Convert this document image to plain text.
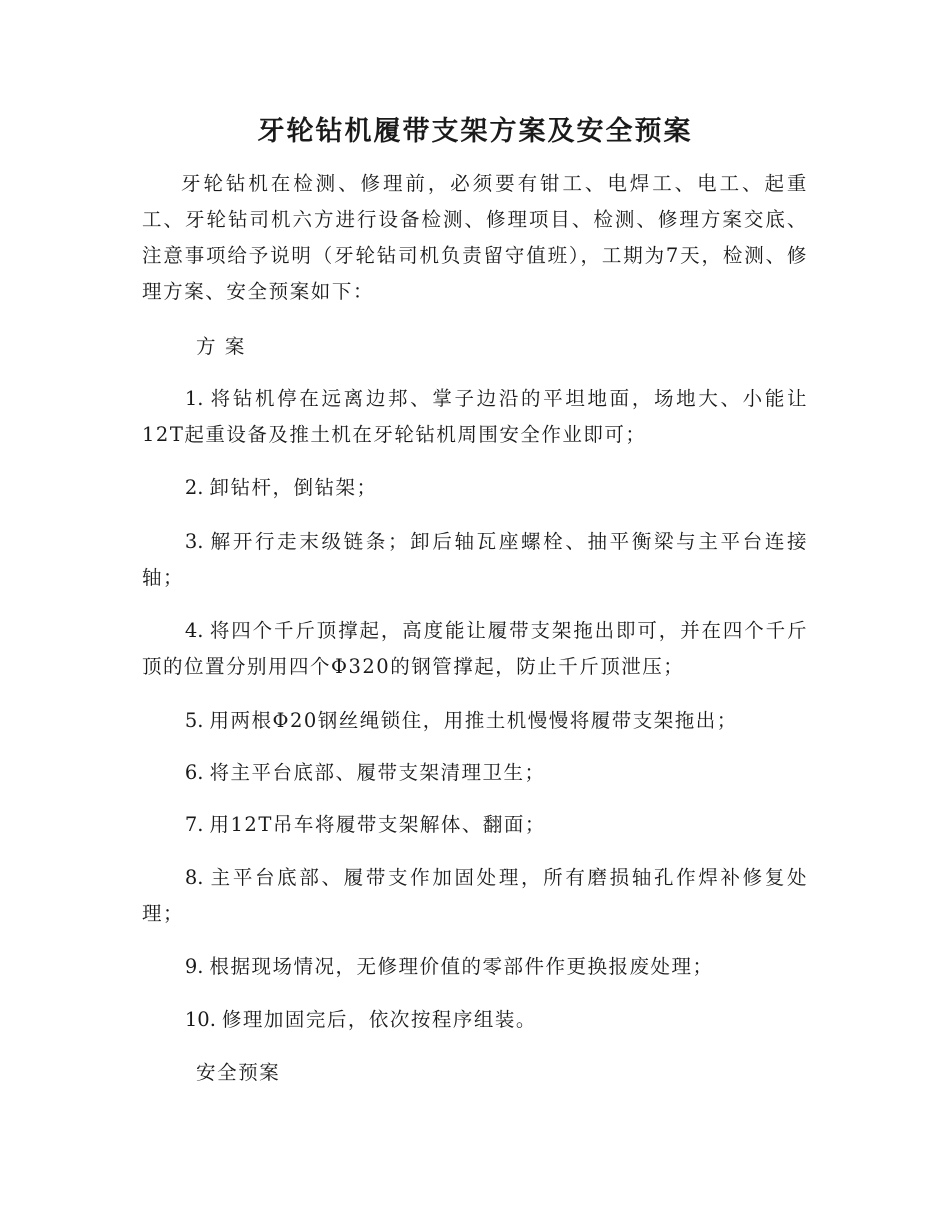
牙轮钻机履带支架方案及安全预案

牙轮钻机在检测、修理前，必须要有钳工、电焊工、电工、起重工、牙轮钻司机六方进行设备检测、修理项目、检测、修理方案交底、注意事项给予说明（牙轮钻司机负责留守值班），工期为7天，检测、修理方案、安全预案如下：

方 案

1. 将钻机停在远离边邦、掌子边沿的平坦地面，场地大、小能让12T起重设备及推土机在牙轮钻机周围安全作业即可；

2. 卸钻杆，倒钻架；

3. 解开行走末级链条；卸后轴瓦座螺栓、抽平衡梁与主平台连接轴；

4. 将四个千斤顶撑起，高度能让履带支架拖出即可，并在四个千斤顶的位置分别用四个Φ320的钢管撑起，防止千斤顶泄压；

5. 用两根Φ20钢丝绳锁住，用推土机慢慢将履带支架拖出；

6. 将主平台底部、履带支架清理卫生；

7. 用12T吊车将履带支架解体、翻面；

8. 主平台底部、履带支作加固处理，所有磨损轴孔作焊补修复处理；

9. 根据现场情况，无修理价值的零部件作更换报废处理；

10. 修理加固完后，依次按程序组装。

安全预案
